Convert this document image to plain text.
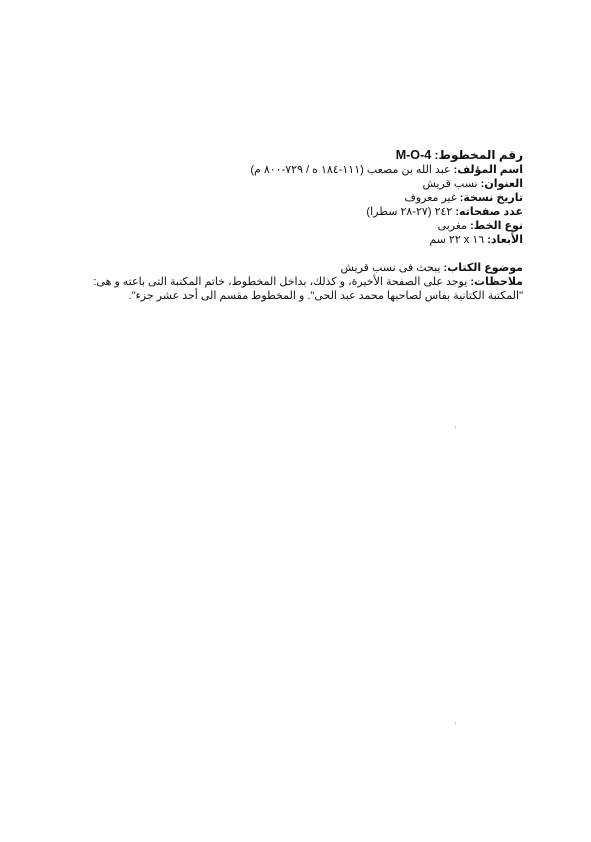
رقم المخطوط: M-O-4
اسم المؤلف: عبد الله بن مصعب (١١١-١٨٤ ه / ٧٢٩-٨٠٠ م)
العنوان: نسب قريش
تاريخ نسخة: غير معروف
عدد صفحاته: ٢٤٢ (٢٧-٢٨ سطرا)
نوع الخط: مغربى
الأبعاد: ١٦ x ٢٢ سم
موضوع الكتاب: يبحث فى نسب قريش
ملاحظات: يوجد على الصفحة الأخيرة، و كذلك، بداخل المخطوط، خاتم المكتبة التى باعته و هى: "المكتبة الكتانية بفاس لصاحبها محمد عبد الحى". و المخطوط مقسم الى أحد عشر جزء".
